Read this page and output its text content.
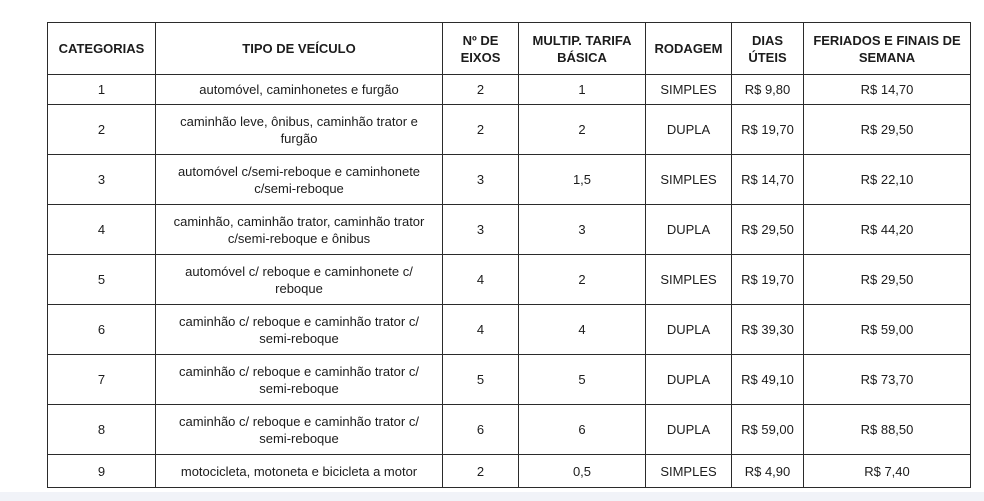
CATEGORIAS	TIPO DE VEÍCULO	Nº DE EIXOS	MULTIP. TARIFA BÁSICA	RODAGEM	DIAS ÚTEIS	FERIADOS E FINAIS DE SEMANA
1	automóvel, caminhonetes e furgão	2	1	SIMPLES	R$ 9,80	R$ 14,70
2	caminhão leve, ônibus, caminhão trator e furgão	2	2	DUPLA	R$ 19,70	R$ 29,50
3	automóvel c/semi-reboque e caminhonete c/semi-reboque	3	1,5	SIMPLES	R$ 14,70	R$ 22,10
4	caminhão, caminhão trator, caminhão trator c/semi-reboque e ônibus	3	3	DUPLA	R$ 29,50	R$ 44,20
5	automóvel c/ reboque e caminhonete c/ reboque	4	2	SIMPLES	R$ 19,70	R$ 29,50
6	caminhão c/ reboque e caminhão trator c/ semi-reboque	4	4	DUPLA	R$ 39,30	R$ 59,00
7	caminhão c/ reboque e caminhão trator c/ semi-reboque	5	5	DUPLA	R$ 49,10	R$ 73,70
8	caminhão c/ reboque e caminhão trator c/ semi-reboque	6	6	DUPLA	R$ 59,00	R$ 88,50
9	motocicleta, motoneta e bicicleta a motor	2	0,5	SIMPLES	R$ 4,90	R$ 7,40
